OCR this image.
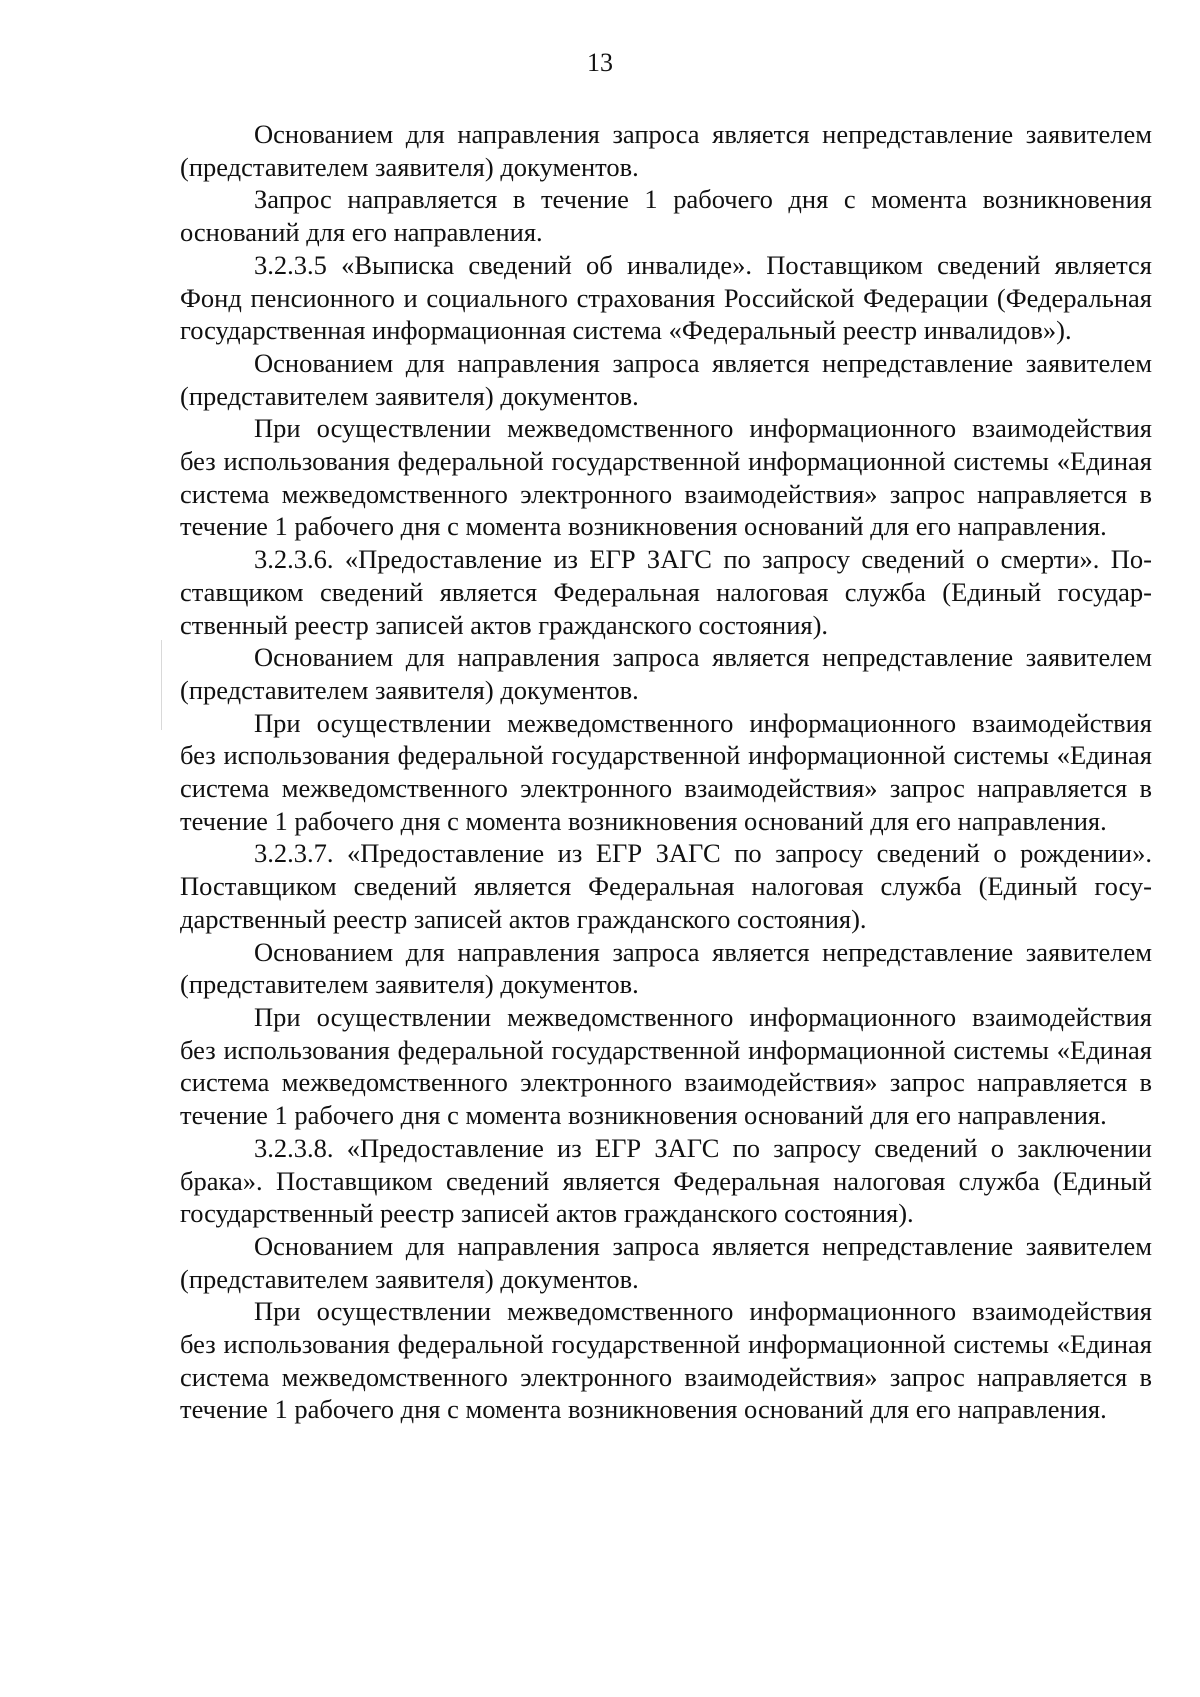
13

Основанием для направления запроса является непредставление заявителем (представителем заявителя) документов.

Запрос направляется в течение 1 рабочего дня с момента возникновения оснований для его направления.

3.2.3.5 «Выписка сведений об инвалиде». Поставщиком сведений является Фонд пенсионного и социального страхования Российской Федерации (Федеральная государственная информационная система «Федеральный реестр инвалидов»).

Основанием для направления запроса является непредставление заявителем (представителем заявителя) документов.

При осуществлении межведомственного информационного взаимодействия без использования федеральной государственной информационной системы «Единая система межведомственного электронного взаимодействия» запрос направляется в течение 1 рабочего дня с момента возникновения оснований для его направления.

3.2.3.6. «Предоставление из ЕГР ЗАГС по запросу сведений о смерти». Поставщиком сведений является Федеральная налоговая служба (Единый государственный реестр записей актов гражданского состояния).

Основанием для направления запроса является непредставление заявителем (представителем заявителя) документов.

При осуществлении межведомственного информационного взаимодействия без использования федеральной государственной информационной системы «Единая система межведомственного электронного взаимодействия» запрос направляется в течение 1 рабочего дня с момента возникновения оснований для его направления.

3.2.3.7. «Предоставление из ЕГР ЗАГС по запросу сведений о рождении». Поставщиком сведений является Федеральная налоговая служба (Единый государственный реестр записей актов гражданского состояния).

Основанием для направления запроса является непредставление заявителем (представителем заявителя) документов.

При осуществлении межведомственного информационного взаимодействия без использования федеральной государственной информационной системы «Единая система межведомственного электронного взаимодействия» запрос направляется в течение 1 рабочего дня с момента возникновения оснований для его направления.

3.2.3.8. «Предоставление из ЕГР ЗАГС по запросу сведений о заключении брака». Поставщиком сведений является Федеральная налоговая служба (Единый государственный реестр записей актов гражданского состояния).

Основанием для направления запроса является непредставление заявителем (представителем заявителя) документов.

При осуществлении межведомственного информационного взаимодействия без использования федеральной государственной информационной системы «Единая система межведомственного электронного взаимодействия» запрос направляется в течение 1 рабочего дня с момента возникновения оснований для его направления.
